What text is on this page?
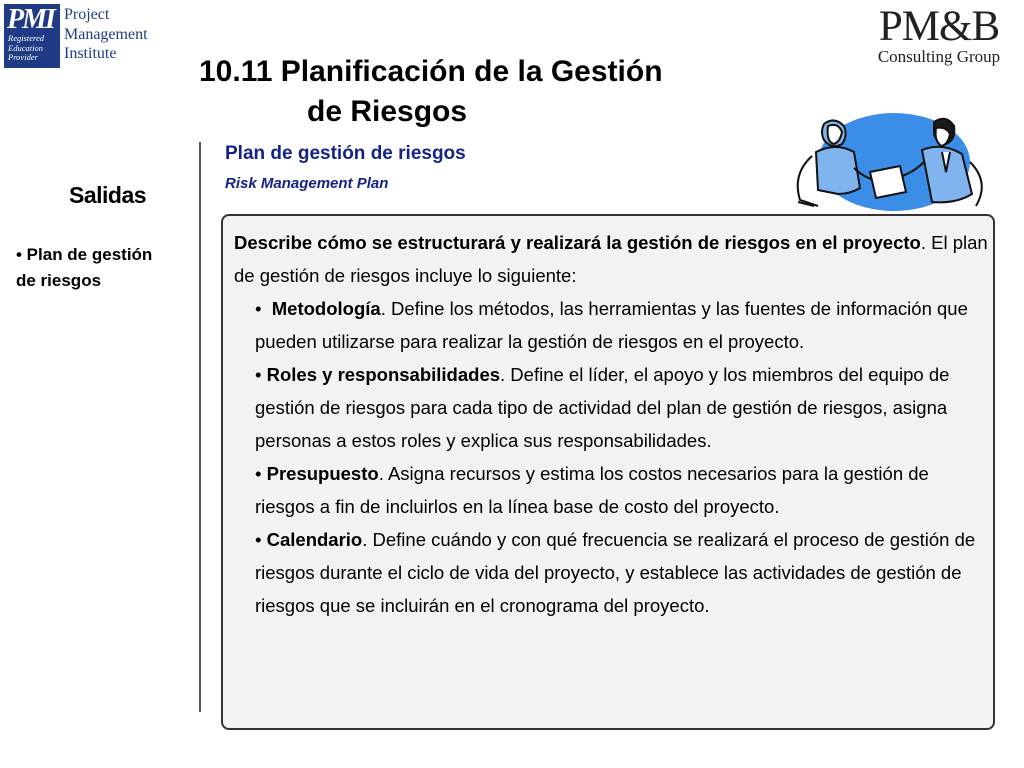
PMI
Registered
Education
Provider
Project
Management
Institute
PM&B
Consulting Group
10.11 Planificación de la Gestión
de Riesgos
Salidas
• Plan de gestión
de riesgos
Plan de gestión de riesgos
Risk Management Plan
Describe cómo se estructurará y realizará la gestión de riesgos en el proyecto. El plan de gestión de riesgos incluye lo siguiente:
•  Metodología. Define los métodos, las herramientas y las fuentes de información que pueden utilizarse para realizar la gestión de riesgos en el proyecto.
• Roles y responsabilidades. Define el líder, el apoyo y los miembros del equipo de gestión de riesgos para cada tipo de actividad del plan de gestión de riesgos, asigna personas a estos roles y explica sus responsabilidades.
• Presupuesto. Asigna recursos y estima los costos necesarios para la gestión de riesgos a fin de incluirlos en la línea base de costo del proyecto.
• Calendario. Define cuándo y con qué frecuencia se realizará el proceso de gestión de riesgos durante el ciclo de vida del proyecto, y establece las actividades de gestión de riesgos que se incluirán en el cronograma del proyecto.
